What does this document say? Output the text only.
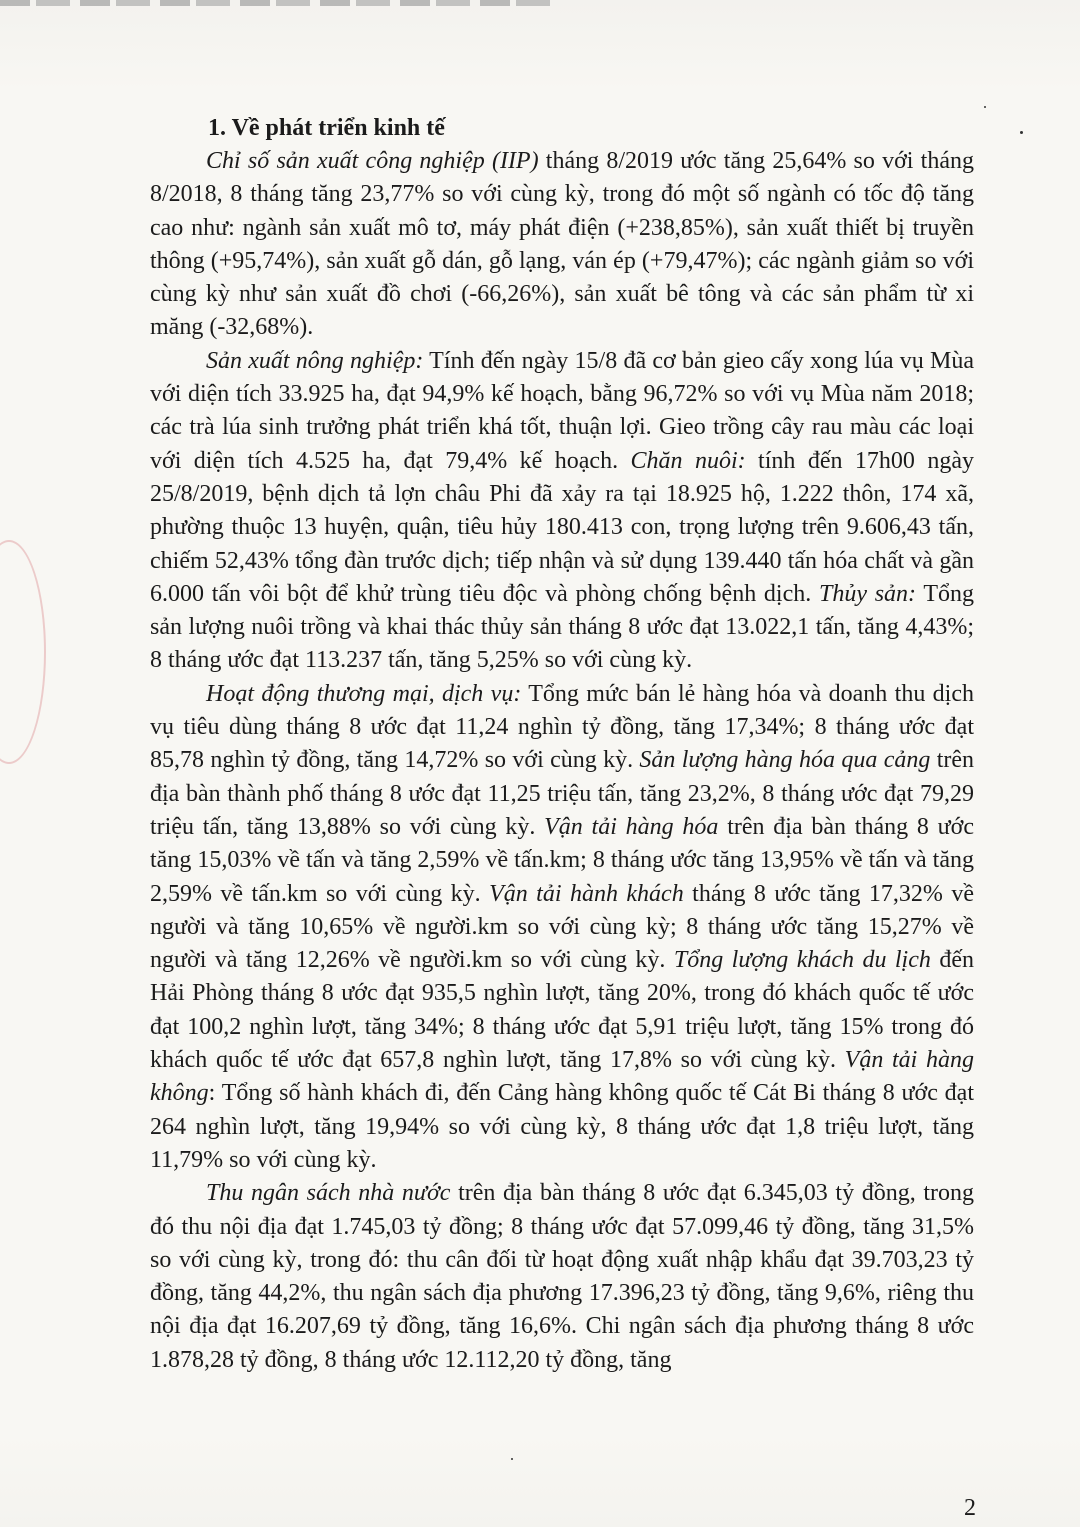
1. Về phát triển kinh tế

Chỉ số sản xuất công nghiệp (IIP) tháng 8/2019 ước tăng 25,64% so với tháng 8/2018, 8 tháng tăng 23,77% so với cùng kỳ, trong đó một số ngành có tốc độ tăng cao như: ngành sản xuất mô tơ, máy phát điện (+238,85%), sản xuất thiết bị truyền thông (+95,74%), sản xuất gỗ dán, gỗ lạng, ván ép (+79,47%); các ngành giảm so với cùng kỳ như sản xuất đồ chơi (-66,26%), sản xuất bê tông và các sản phẩm từ xi măng (-32,68%).

Sản xuất nông nghiệp: Tính đến ngày 15/8 đã cơ bản gieo cấy xong lúa vụ Mùa với diện tích 33.925 ha, đạt 94,9% kế hoạch, bằng 96,72% so với vụ Mùa năm 2018; các trà lúa sinh trưởng phát triển khá tốt, thuận lợi. Gieo trồng cây rau màu các loại với diện tích 4.525 ha, đạt 79,4% kế hoạch. Chăn nuôi: tính đến 17h00 ngày 25/8/2019, bệnh dịch tả lợn châu Phi đã xảy ra tại 18.925 hộ, 1.222 thôn, 174 xã, phường thuộc 13 huyện, quận, tiêu hủy 180.413 con, trọng lượng trên 9.606,43 tấn, chiếm 52,43% tổng đàn trước dịch; tiếp nhận và sử dụng 139.440 tấn hóa chất và gần 6.000 tấn vôi bột để khử trùng tiêu độc và phòng chống bệnh dịch. Thủy sản: Tổng sản lượng nuôi trồng và khai thác thủy sản tháng 8 ước đạt 13.022,1 tấn, tăng 4,43%; 8 tháng ước đạt 113.237 tấn, tăng 5,25% so với cùng kỳ.

Hoạt động thương mại, dịch vụ: Tổng mức bán lẻ hàng hóa và doanh thu dịch vụ tiêu dùng tháng 8 ước đạt 11,24 nghìn tỷ đồng, tăng 17,34%; 8 tháng ước đạt 85,78 nghìn tỷ đồng, tăng 14,72% so với cùng kỳ. Sản lượng hàng hóa qua cảng trên địa bàn thành phố tháng 8 ước đạt 11,25 triệu tấn, tăng 23,2%, 8 tháng ước đạt 79,29 triệu tấn, tăng 13,88% so với cùng kỳ. Vận tải hàng hóa trên địa bàn tháng 8 ước tăng 15,03% về tấn và tăng 2,59% về tấn.km; 8 tháng ước tăng 13,95% về tấn và tăng 2,59% về tấn.km so với cùng kỳ. Vận tải hành khách tháng 8 ước tăng 17,32% về người và tăng 10,65% về người.km so với cùng kỳ; 8 tháng ước tăng 15,27% về người và tăng 12,26% về người.km so với cùng kỳ. Tổng lượng khách du lịch đến Hải Phòng tháng 8 ước đạt 935,5 nghìn lượt, tăng 20%, trong đó khách quốc tế ước đạt 100,2 nghìn lượt, tăng 34%; 8 tháng ước đạt 5,91 triệu lượt, tăng 15% trong đó khách quốc tế ước đạt 657,8 nghìn lượt, tăng 17,8% so với cùng kỳ. Vận tải hàng không: Tổng số hành khách đi, đến Cảng hàng không quốc tế Cát Bi tháng 8 ước đạt 264 nghìn lượt, tăng 19,94% so với cùng kỳ, 8 tháng ước đạt 1,8 triệu lượt, tăng 11,79% so với cùng kỳ.

Thu ngân sách nhà nước trên địa bàn tháng 8 ước đạt 6.345,03 tỷ đồng, trong đó thu nội địa đạt 1.745,03 tỷ đồng; 8 tháng ước đạt 57.099,46 tỷ đồng, tăng 31,5% so với cùng kỳ, trong đó: thu cân đối từ hoạt động xuất nhập khẩu đạt 39.703,23 tỷ đồng, tăng 44,2%, thu ngân sách địa phương 17.396,23 tỷ đồng, tăng 9,6%, riêng thu nội địa đạt 16.207,69 tỷ đồng, tăng 16,6%. Chi ngân sách địa phương tháng 8 ước 1.878,28 tỷ đồng, 8 tháng ước 12.112,20 tỷ đồng, tăng

2
